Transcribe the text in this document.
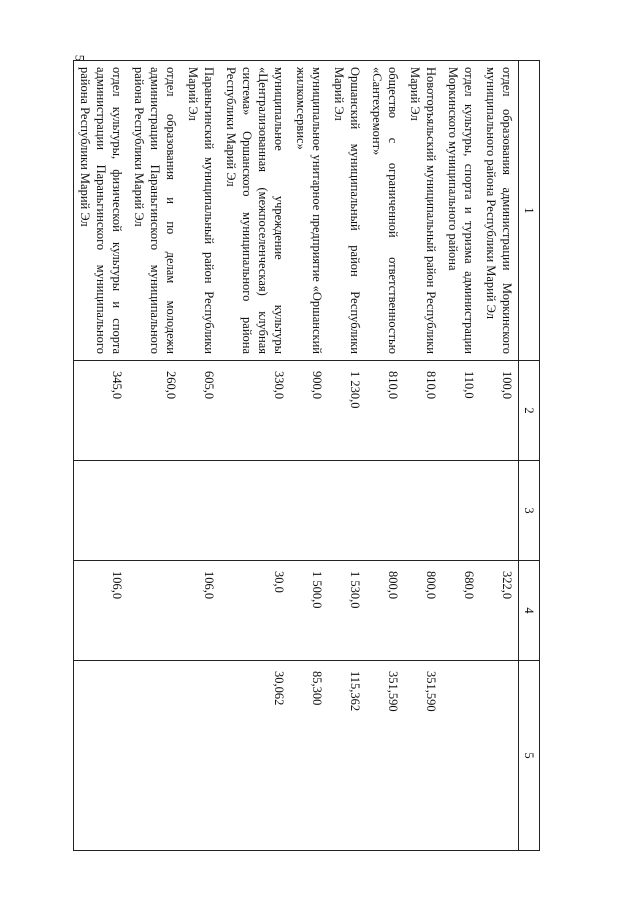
5
1	2	3	4	5
отдел образования администрации Моркинского муниципального района Республики Марий Эл	100,0		322,0	
отдел культуры, спорта и туризма администрации Моркинского муниципального района	110,0		680,0	
Новоторъяльский муниципальный район Республики Марий Эл	810,0		800,0	351,590
общество с ограниченной ответственностью «Сантехремонт»	810,0		800,0	351,590
Оршанский муниципальный район Республики Марий Эл	1 230,0		1 530,0	115,362
муниципальное унитарное предприятие «Оршанский жилкомсервис»	900,0		1 500,0	85,300
муниципальное учреждение культуры «Централизованная (межпоселенческая) клубная система» Оршанского муниципального района Республики Марий Эл	330,0		30,0	30,062
Параньгинский муниципальный район Республики Марий Эл	605,0		106,0	
отдел образования и по делам молодежи администрации Параньгинского муниципального района Республики Марий Эл	260,0			
отдел культуры, физической культуры и спорта администрации Параньгинского муниципального района Республики Марий Эл	345,0		106,0	
